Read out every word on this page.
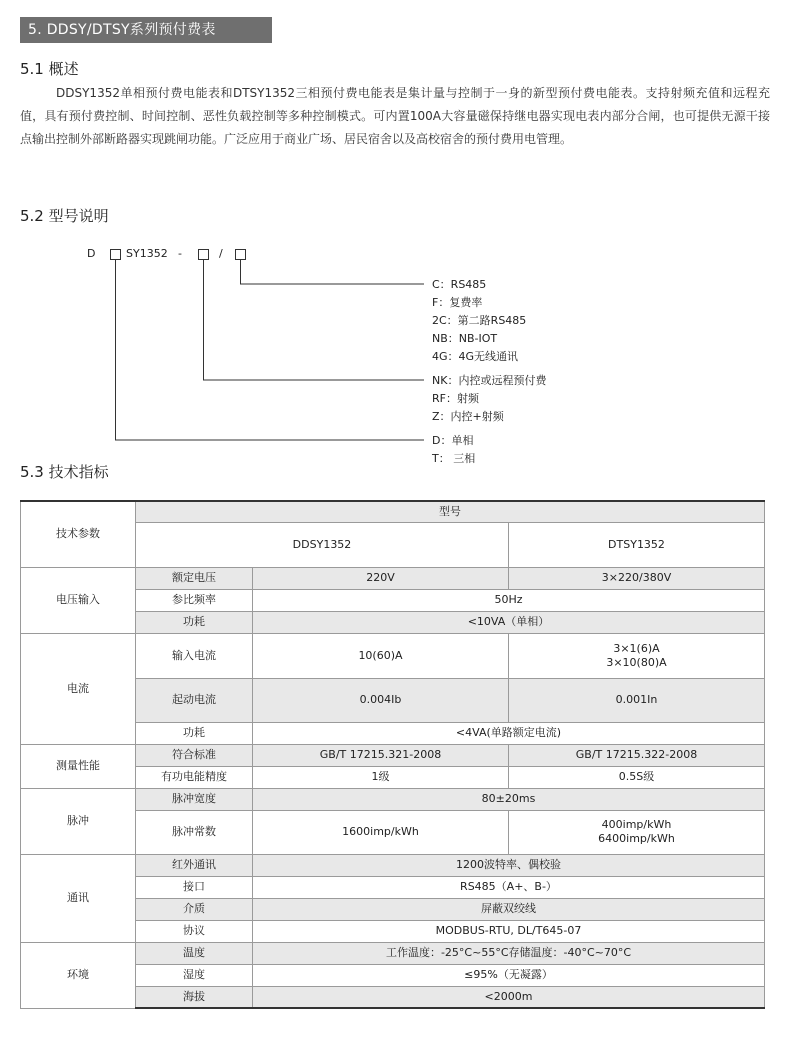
5. DDSY/DTSY系列预付费表
5.1 概述
DDSY1352单相预付费电能表和DTSY1352三相预付费电能表是集计量与控制于一身的新型预付费电能表。支持射频充值和远程充值，具有预付费控制、时间控制、恶性负载控制等多种控制模式。可内置100A大容量磁保持继电器实现电表内部分合闸，也可提供无源干接点输出控制外部断路器实现跳闸功能。广泛应用于商业广场、居民宿舍以及高校宿舍的预付费用电管理。
5.2 型号说明
D	SY1352 -	/
C：RS485
F：复费率
2C：第二路RS485
NB：NB-IOT
4G：4G无线通讯
NK：内控或远程预付费
RF：射频
Z：内控+射频
D：单相
T： 三相
5.3 技术指标
技术参数	型号		
	DDSY1352		DTSY1352
电压输入	额定电压	220V	3×220/380V
	参比频率	50Hz	
	功耗	<10VA（单相）	
电流	输入电流	10(60)A	3×1(6)A
3×10(80)A
	起动电流	0.004Ib	0.001In
	功耗	<4VA(单路额定电流)	
测量性能	符合标准	GB/T 17215.321-2008	GB/T 17215.322-2008
	有功电能精度	1级	0.5S级
脉冲	脉冲宽度	80±20ms	
	脉冲常数	1600imp/kWh	400imp/kWh
6400imp/kWh
通讯	红外通讯	1200波特率、偶校验	
	接口	RS485（A+、B-）	
	介质	屏蔽双绞线	
	协议	MODBUS-RTU, DL/T645-07	
环境	温度	工作温度：-25°C~55°C存储温度：-40°C~70°C	
	湿度	≤95%（无凝露）	
	海拔	<2000m	
